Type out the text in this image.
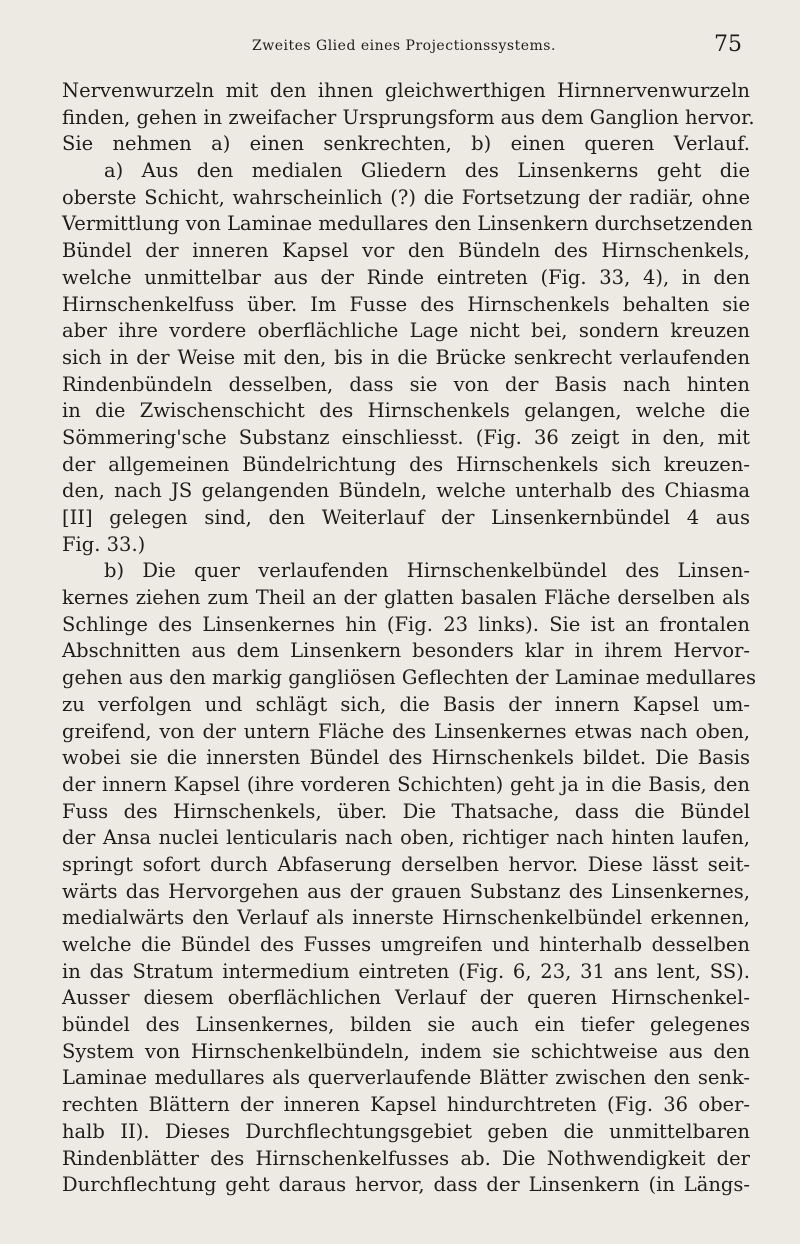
Zweites Glied eines Projectionssystems.	75
Nervenwurzeln mit den ihnen gleichwerthigen Hirnnervenwurzeln
finden, gehen in zweifacher Ursprungsform aus dem Ganglion hervor.
Sie nehmen a) einen senkrechten, b) einen queren Verlauf.
a) Aus den medialen Gliedern des Linsenkerns geht die
oberste Schicht, wahrscheinlich (?) die Fortsetzung der radiär, ohne
Vermittlung von Laminae medullares den Linsenkern durchsetzenden
Bündel der inneren Kapsel vor den Bündeln des Hirnschenkels,
welche unmittelbar aus der Rinde eintreten (Fig. 33, 4), in den
Hirnschenkelfuss über. Im Fusse des Hirnschenkels behalten sie
aber ihre vordere oberflächliche Lage nicht bei, sondern kreuzen
sich in der Weise mit den, bis in die Brücke senkrecht verlaufenden
Rindenbündeln desselben, dass sie von der Basis nach hinten
in die Zwischenschicht des Hirnschenkels gelangen, welche die
Sömmering'sche Substanz einschliesst. (Fig. 36 zeigt in den, mit
der allgemeinen Bündelrichtung des Hirnschenkels sich kreuzen-
den, nach JS gelangenden Bündeln, welche unterhalb des Chiasma
[II] gelegen sind, den Weiterlauf der Linsenkernbündel 4 aus
Fig. 33.)
b) Die quer verlaufenden Hirnschenkelbündel des Linsen-
kernes ziehen zum Theil an der glatten basalen Fläche derselben als
Schlinge des Linsenkernes hin (Fig. 23 links). Sie ist an frontalen
Abschnitten aus dem Linsenkern besonders klar in ihrem Hervor-
gehen aus den markig gangliösen Geflechten der Laminae medullares
zu verfolgen und schlägt sich, die Basis der innern Kapsel um-
greifend, von der untern Fläche des Linsenkernes etwas nach oben,
wobei sie die innersten Bündel des Hirnschenkels bildet. Die Basis
der innern Kapsel (ihre vorderen Schichten) geht ja in die Basis, den
Fuss des Hirnschenkels, über. Die Thatsache, dass die Bündel
der Ansa nuclei lenticularis nach oben, richtiger nach hinten laufen,
springt sofort durch Abfaserung derselben hervor. Diese lässt seit-
wärts das Hervorgehen aus der grauen Substanz des Linsenkernes,
medialwärts den Verlauf als innerste Hirnschenkelbündel erkennen,
welche die Bündel des Fusses umgreifen und hinterhalb desselben
in das Stratum intermedium eintreten (Fig. 6, 23, 31 ans lent, SS).
Ausser diesem oberflächlichen Verlauf der queren Hirnschenkel-
bündel des Linsenkernes, bilden sie auch ein tiefer gelegenes
System von Hirnschenkelbündeln, indem sie schichtweise aus den
Laminae medullares als querverlaufende Blätter zwischen den senk-
rechten Blättern der inneren Kapsel hindurchtreten (Fig. 36 ober-
halb II). Dieses Durchflechtungsgebiet geben die unmittelbaren
Rindenblätter des Hirnschenkelfusses ab. Die Nothwendigkeit der
Durchflechtung geht daraus hervor, dass der Linsenkern (in Längs-
